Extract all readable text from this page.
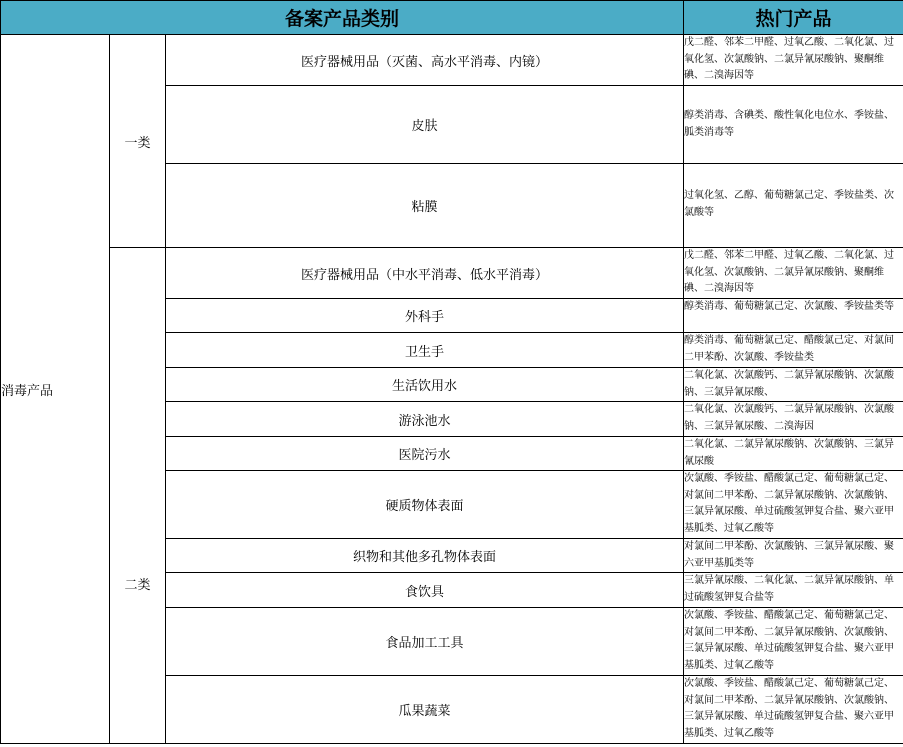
备案产品类别			热门产品

消毒产品	一类	医疗器械用品（灭菌、高水平消毒、内镜）	戊二醛、邻苯二甲醛、过氧乙酸、二氧化氯、过氧化氢、次氯酸钠、二氯异氰尿酸钠、聚酮维碘、二溴海因等
		皮肤	醇类消毒、含碘类、酸性氧化电位水、季铵盐、胍类消毒等
		粘膜	过氧化氢、乙醇、葡萄糖氯己定、季铵盐类、次氯酸等

	二类	医疗器械用品（中水平消毒、低水平消毒）	戊二醛、邻苯二甲醛、过氧乙酸、二氧化氯、过氧化氢、次氯酸钠、二氯异氰尿酸钠、聚酮维碘、二溴海因等
		外科手	醇类消毒、葡萄糖氯己定、次氯酸、季铵盐类等
		卫生手	醇类消毒、葡萄糖氯己定、醋酸氯己定、对氯间二甲苯酚、次氯酸、季铵盐类
		生活饮用水	二氧化氯、次氯酸钙、二氯异氰尿酸钠、次氯酸钠、三氯异氰尿酸、
		游泳池水	二氧化氯、次氯酸钙、二氯异氰尿酸钠、次氯酸钠、三氯异氰尿酸、二溴海因
		医院污水	二氧化氯、二氯异氰尿酸钠、次氯酸钠、三氯异氰尿酸
		硬质物体表面	次氯酸、季铵盐、醋酸氯己定、葡萄糖氯己定、对氯间二甲苯酚、二氯异氰尿酸钠、次氯酸钠、三氯异氰尿酸、单过硫酸氢钾复合盐、聚六亚甲基胍类、过氧乙酸等
		织物和其他多孔物体表面	对氯间二甲苯酚、次氯酸钠、三氯异氰尿酸、聚六亚甲基胍类等
		食饮具	三氯异氰尿酸、二氧化氯、二氯异氰尿酸钠、单过硫酸氢钾复合盐等
		食品加工工具	次氯酸、季铵盐、醋酸氯己定、葡萄糖氯己定、对氯间二甲苯酚、二氯异氰尿酸钠、次氯酸钠、三氯异氰尿酸、单过硫酸氢钾复合盐、聚六亚甲基胍类、过氧乙酸等
		瓜果蔬菜	次氯酸、季铵盐、醋酸氯己定、葡萄糖氯己定、对氯间二甲苯酚、二氯异氰尿酸钠、次氯酸钠、三氯异氰尿酸、单过硫酸氢钾复合盐、聚六亚甲基胍类、过氧乙酸等
